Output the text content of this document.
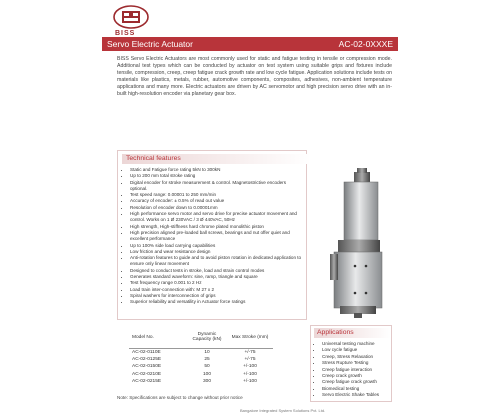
BISS
Servo Electric Actuator	AC-02-0XXXE
BISS Servo Electric Actuators are most commonly used for static and fatigue testing in tensile or compression mode. Additional test types which can be conducted by actuator on test system using suitable grips and fixtures include tensile, compression, creep, creep fatigue crack growth rate and low cycle fatigue. Application solutions include tests on materials like plastics, metals, rubber, automotive components, composites, adhesives, non-ambient temperature applications and many more. Electric actuators are driven by AC servomotor and high precision servo drive with an in-built high-resolution encoder via planetary gear box.
Technical features
• Static and Fatigue force rating 5kN to 300kN
• Up to 200 mm total stroke rating
• Digital encoder for stroke measurement & control. Magnetostrictive encoders optional.
• Test speed range: 0.00001 to 250 mm/min
• Accuracy of encoder: ± 0.5% of read out value
• Resolution of encoder down to 0.00001mm
• High performance servo motor and servo drive for precise actuator movement and control. Works on 1 Ø 230VAC / 3 Ø 440VAC, 50Hz
• High strength, High-stiffness hard chrome plated monolithic piston
• High precision aligned pre-loaded ball screws, bearings and nut offer quiet and excellent performance
• Up to 100% side load carrying capabilities
• Low friction and wear resistance design
• Anti-rotation features to guide and to avoid piston rotation in dedicated application to ensure only linear movement
• Designed to conduct tests in stroke, load and strain control modes
• Generates standard waveform: sine, ramp, triangle and square
• Test frequency range 0.001 to 2 Hz
• Load train inter-connection with: M 27 x 2
• Spiral washers for interconnection of grips
• Superior reliability and versatility in Actuator force ratings
Model No.	Dynamic Capacity (kN)	Max Stroke (mm)
AC-02-0110E	10	+/-75
AC-02-0125E	25	+/-75
AC-02-0150E	50	+/-100
AC-02-0210E	100	+/-100
AC-02-0215E	300	+/-100
Note: Specifications are subject to change without prior notice
Bangalore Integrated System Solutions Pvt. Ltd.
Applications
• Universal testing machine
• Low cycle fatigue
• Creep, Stress Relaxation
• Stress Rupture Testing
• Creep fatigue interaction
• Creep crack growth
• Creep fatigue crack growth
• Biomedical testing
• Servo Electric Shake Tables
